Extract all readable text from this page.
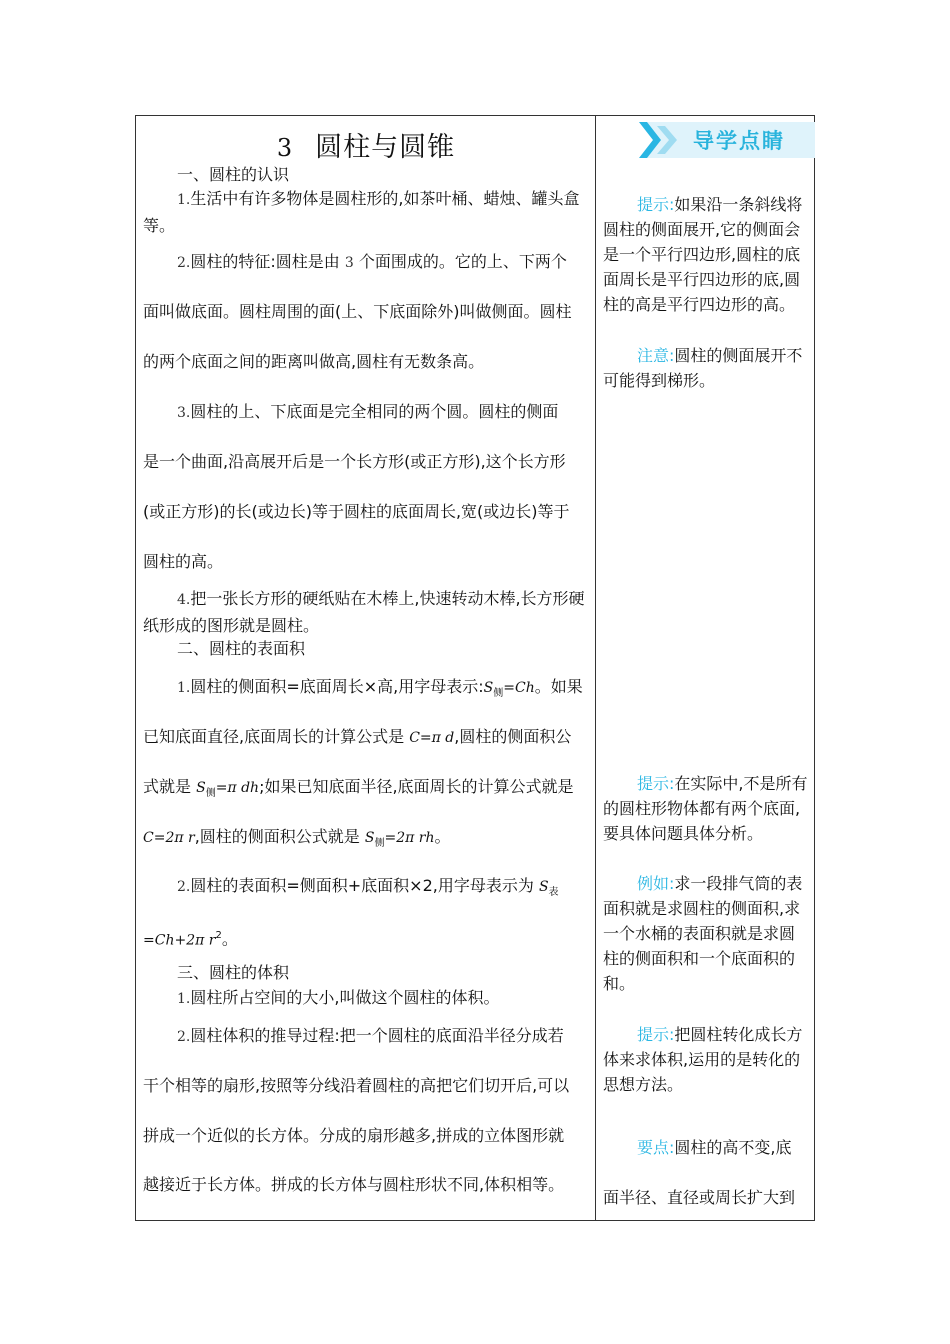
3 圆柱与圆锥
一、圆柱的认识
1.生活中有许多物体是圆柱形的,如茶叶桶、蜡烛、罐头盒等。
2.圆柱的特征:圆柱是由 3 个面围成的。它的上、下两个
面叫做底面。圆柱周围的面(上、下底面除外)叫做侧面。圆柱
的两个底面之间的距离叫做高,圆柱有无数条高。
3.圆柱的上、下底面是完全相同的两个圆。圆柱的侧面
是一个曲面,沿高展开后是一个长方形(或正方形),这个长方形
(或正方形)的长(或边长)等于圆柱的底面周长,宽(或边长)等于
圆柱的高。
4.把一张长方形的硬纸贴在木棒上,快速转动木棒,长方形硬纸形成的图形就是圆柱。
二、圆柱的表面积
1.圆柱的侧面积=底面周长×高,用字母表示$:S_侧=Ch$。如果
已知底面直径,底面周长的计算公式是 C=π d,圆柱的侧面积公
式就是 $S_侧=\pi$ dh;如果已知底面半径,底面周长的计算公式就是
C=2π r,圆柱的侧面积公式就是 $S_侧=2\pi$ rh。
2.圆柱的表面积=侧面积+底面积×2,用字母表示为 $S_表$
=Ch+2π $r^2$。
三、圆柱的体积
1.圆柱所占空间的大小,叫做这个圆柱的体积。
2.圆柱体积的推导过程:把一个圆柱的底面沿半径分成若
干个相等的扇形,按照等分线沿着圆柱的高把它们切开后,可以
拼成一个近似的长方体。分成的扇形越多,拼成的立体图形就
越接近于长方体。拼成的长方体与圆柱形状不同,体积相等。
导学点睛
提示:如果沿一条斜线将圆柱的侧面展开,它的侧面会是一个平行四边形,圆柱的底面周长是平行四边形的底,圆柱的高是平行四边形的高。
注意:圆柱的侧面展开不可能得到梯形。
提示:在实际中,不是所有的圆柱形物体都有两个底面,要具体问题具体分析。
例如:求一段排气筒的表面积就是求圆柱的侧面积,求一个水桶的表面积就是求圆柱的侧面积和一个底面积的和。
提示:把圆柱转化成长方体来求体积,运用的是转化的思想方法。
要点:圆柱的高不变,底
面半径、直径或周长扩大到
